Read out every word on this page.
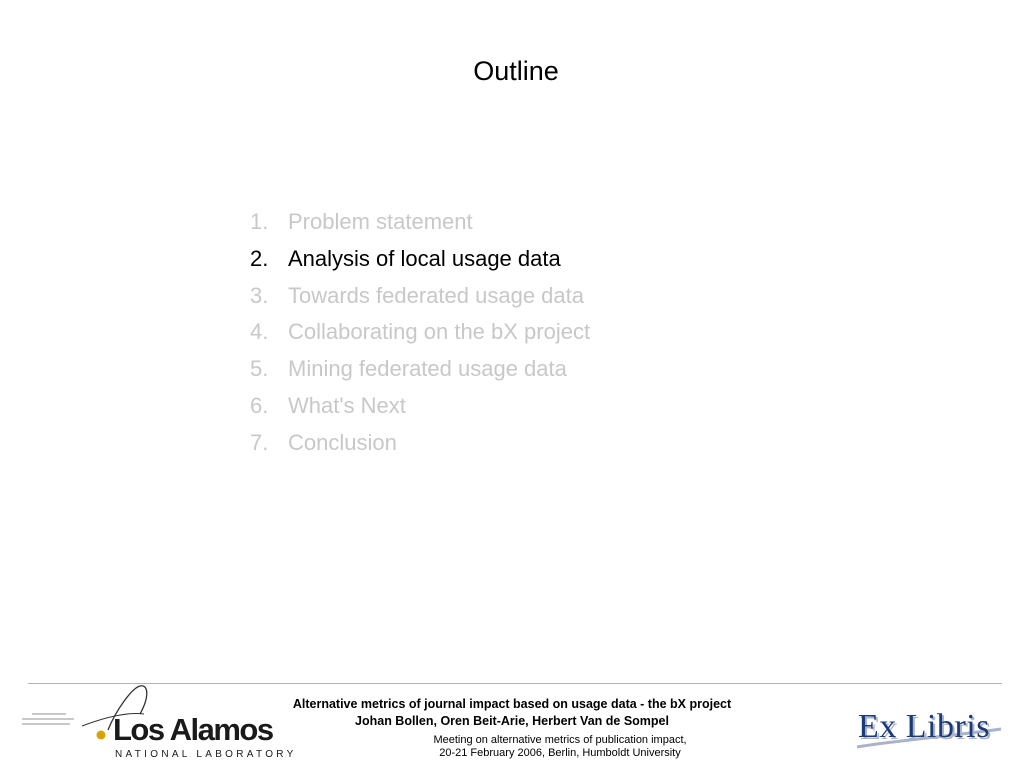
Outline
1. Problem statement
2. Analysis of local usage data
3. Towards federated usage data
4. Collaborating on the bX project
5. Mining federated usage data
6. What's Next
7. Conclusion
Los Alamos
NATIONAL LABORATORY
Alternative metrics of journal impact based on usage data - the bX project
Johan Bollen, Oren Beit-Arie, Herbert Van de Sompel
Meeting on alternative metrics of publication impact,
20-21 February 2006, Berlin, Humboldt University
Ex Libris
